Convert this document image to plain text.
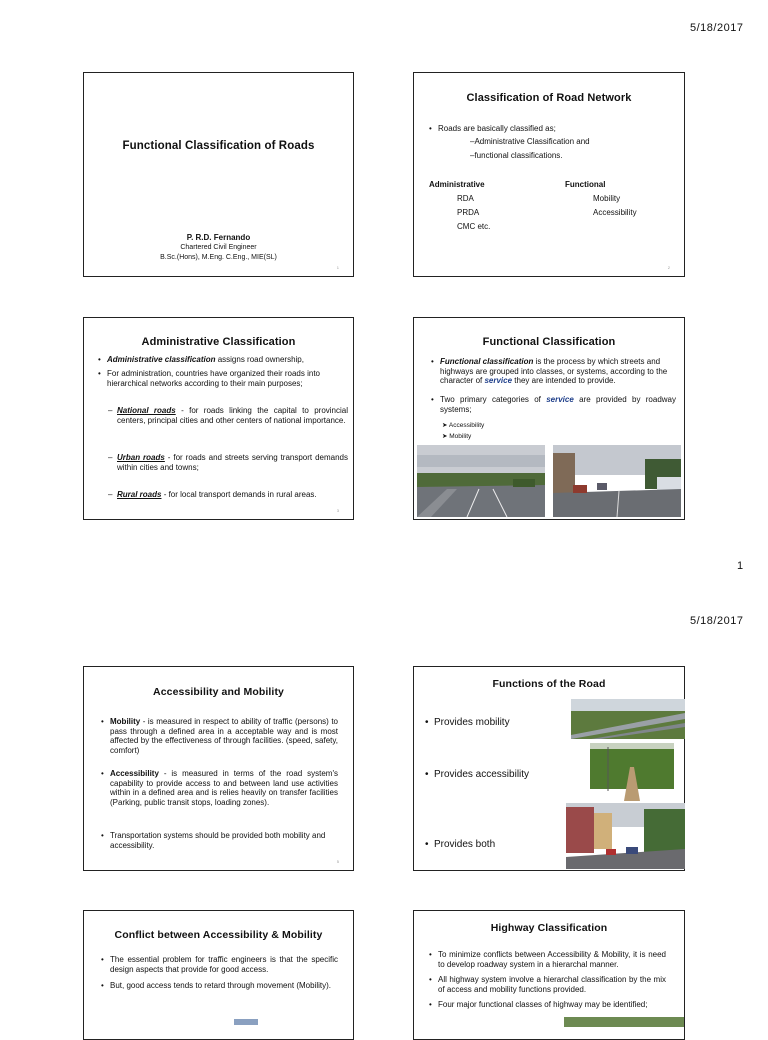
5/18/2017
Functional Classification of Roads
P. R.D. Fernando
Chartered Civil Engineer
B.Sc.(Hons), M.Eng. C.Eng., MIE(SL)
1
Classification of Road Network
• Roads are basically classified as;
–Administrative Classification and
–functional classifications.
Administrative
RDA
PRDA
CMC etc.
Functional
Mobility
Accessibility
2
Administrative Classification
• Administrative classification assigns road ownership,
• For administration, countries have organized their roads into hierarchical networks according to their main purposes;
– National roads - for roads linking the capital to provincial centers, principal cities and other centers of national importance.
– Urban roads - for roads and streets serving transport demands within cities and towns;
– Rural roads - for local transport demands in rural areas.
3
Functional Classification
• Functional classification is the process by which streets and highways are grouped into classes, or systems, according to the character of service they are intended to provide.
• Two primary categories of service are provided by roadway systems;
➤ Accessibility
➤ Mobility
1
5/18/2017
Accessibility and Mobility
• Mobility - is measured in respect to ability of traffic (persons) to pass through a defined area in a acceptable way and is most affected by the effectiveness of through facilities. (speed, safety, comfort)
• Accessibility - is measured in terms of the road system's capability to provide access to and between land use activities within in a defined area and is relies heavily on transfer facilities (Parking, public transit stops, loading zones).
• Transportation systems should be provided both mobility and accessibility.
5
Functions of the Road
• Provides mobility
• Provides accessibility
• Provides both
Conflict between Accessibility & Mobility
• The essential problem for traffic engineers is that the specific design aspects that provide for good access.
• But, good access tends to retard through movement (Mobility).
Highway Classification
• To minimize conflicts between Accessibility & Mobility, it is need to develop roadway system in a hierarchal manner.
• All highway system involve a hierarchal classification by the mix of access and mobility functions provided.
• Four major functional classes of highway may be identified;
